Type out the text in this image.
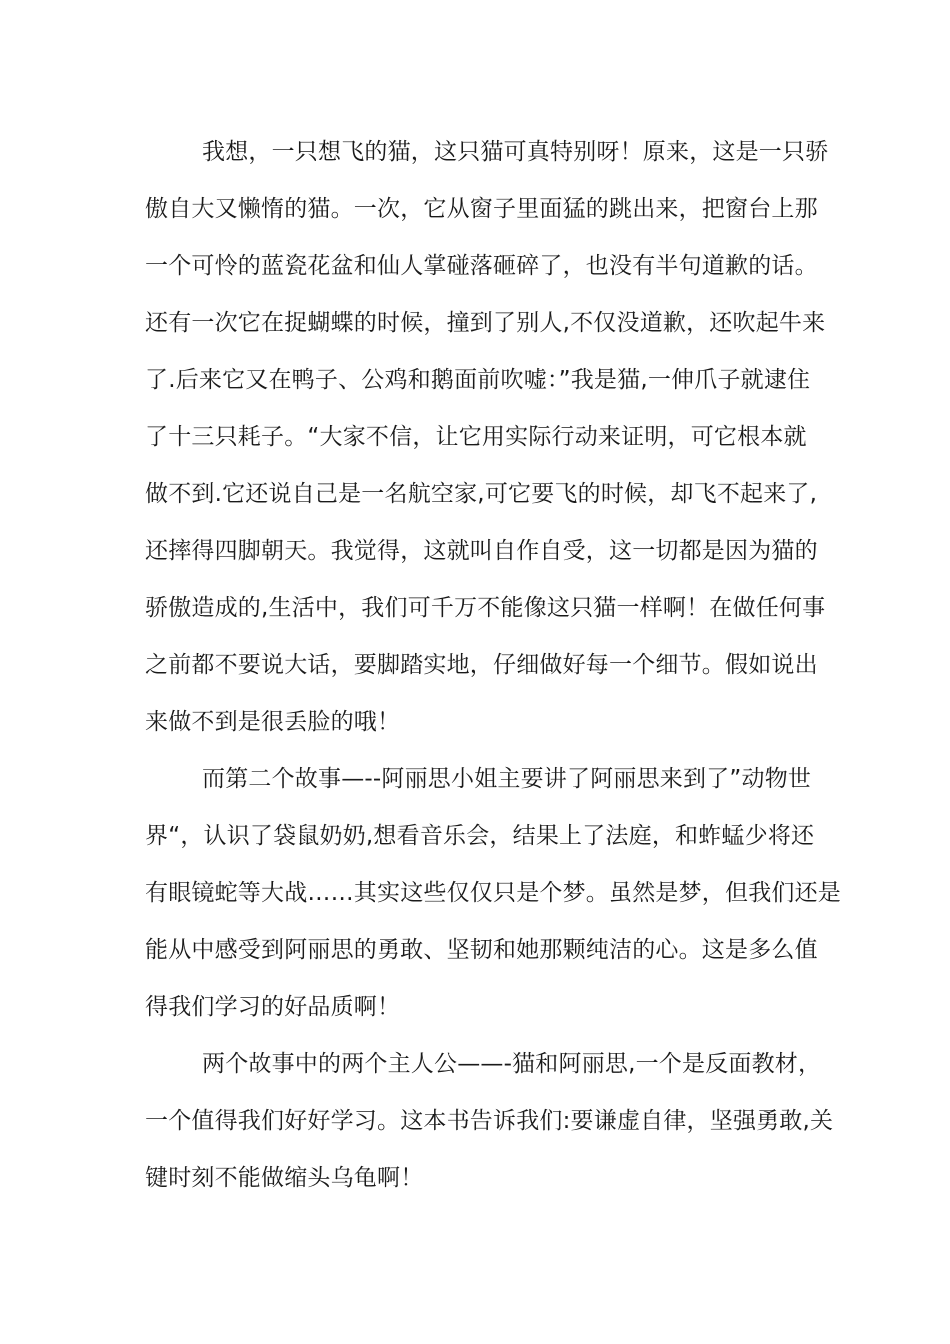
我想，一只想飞的猫，这只猫可真特别呀！原来，这是一只骄
傲自大又懒惰的猫。一次，它从窗子里面猛的跳出来，把窗台上那
一个可怜的蓝瓷花盆和仙人掌碰落砸碎了，也没有半句道歉的话。
还有一次它在捉蝴蝶的时候，撞到了别人,不仅没道歉，还吹起牛来
了.后来它又在鸭子、公鸡和鹅面前吹嘘：”我是猫,一伸爪子就逮住
了十三只耗子。“大家不信，让它用实际行动来证明，可它根本就
做不到.它还说自己是一名航空家,可它要飞的时候，却飞不起来了,
还摔得四脚朝天。我觉得，这就叫自作自受，这一切都是因为猫的
骄傲造成的,生活中，我们可千万不能像这只猫一样啊！在做任何事
之前都不要说大话，要脚踏实地，仔细做好每一个细节。假如说出
来做不到是很丢脸的哦！
而第二个故事—--阿丽思小姐主要讲了阿丽思来到了”动物世
界“，认识了袋鼠奶奶,想看音乐会，结果上了法庭，和蚱蜢少将还
有眼镜蛇等大战……其实这些仅仅只是个梦。虽然是梦，但我们还是
能从中感受到阿丽思的勇敢、坚韧和她那颗纯洁的心。这是多么值
得我们学习的好品质啊！
两个故事中的两个主人公——-猫和阿丽思,一个是反面教材，
一个值得我们好好学习。这本书告诉我们:要谦虚自律，坚强勇敢,关
键时刻不能做缩头乌龟啊！
